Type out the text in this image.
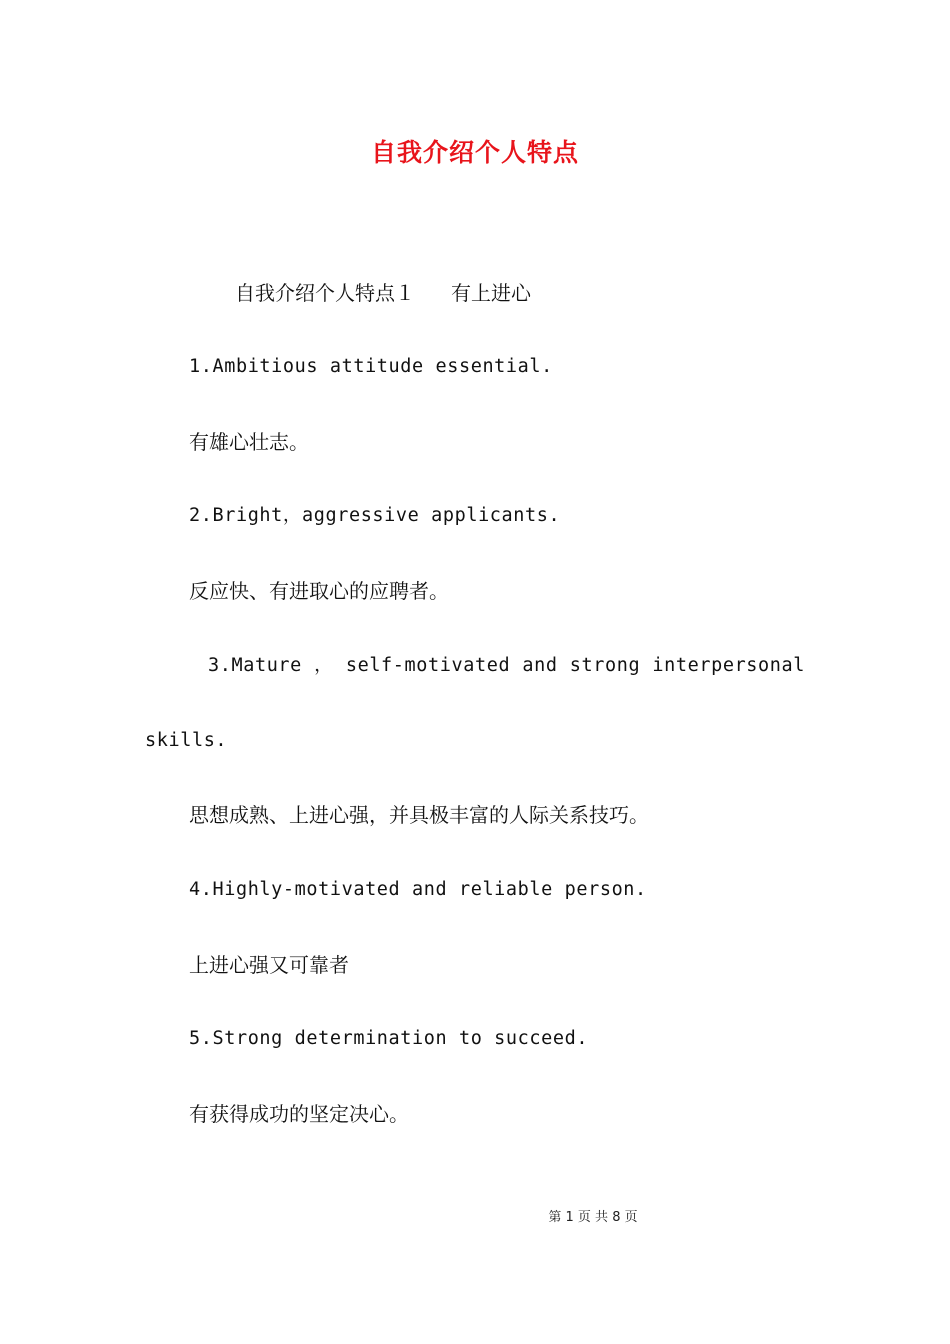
自我介绍个人特点

自我介绍个人特点１ 有上进心

1.Ambitious attitude essential.

有雄心壮志。

2.Bright，aggressive applicants.

反应快、有进取心的应聘者。

3.Mature ， self-motivated and strong interpersonal

skills.

思想成熟、上进心强，并具极丰富的人际关系技巧。

4.Highly-motivated and reliable person.

上进心强又可靠者

5.Strong determination to succeed.

有获得成功的坚定决心。

第 1 页 共 8 页
